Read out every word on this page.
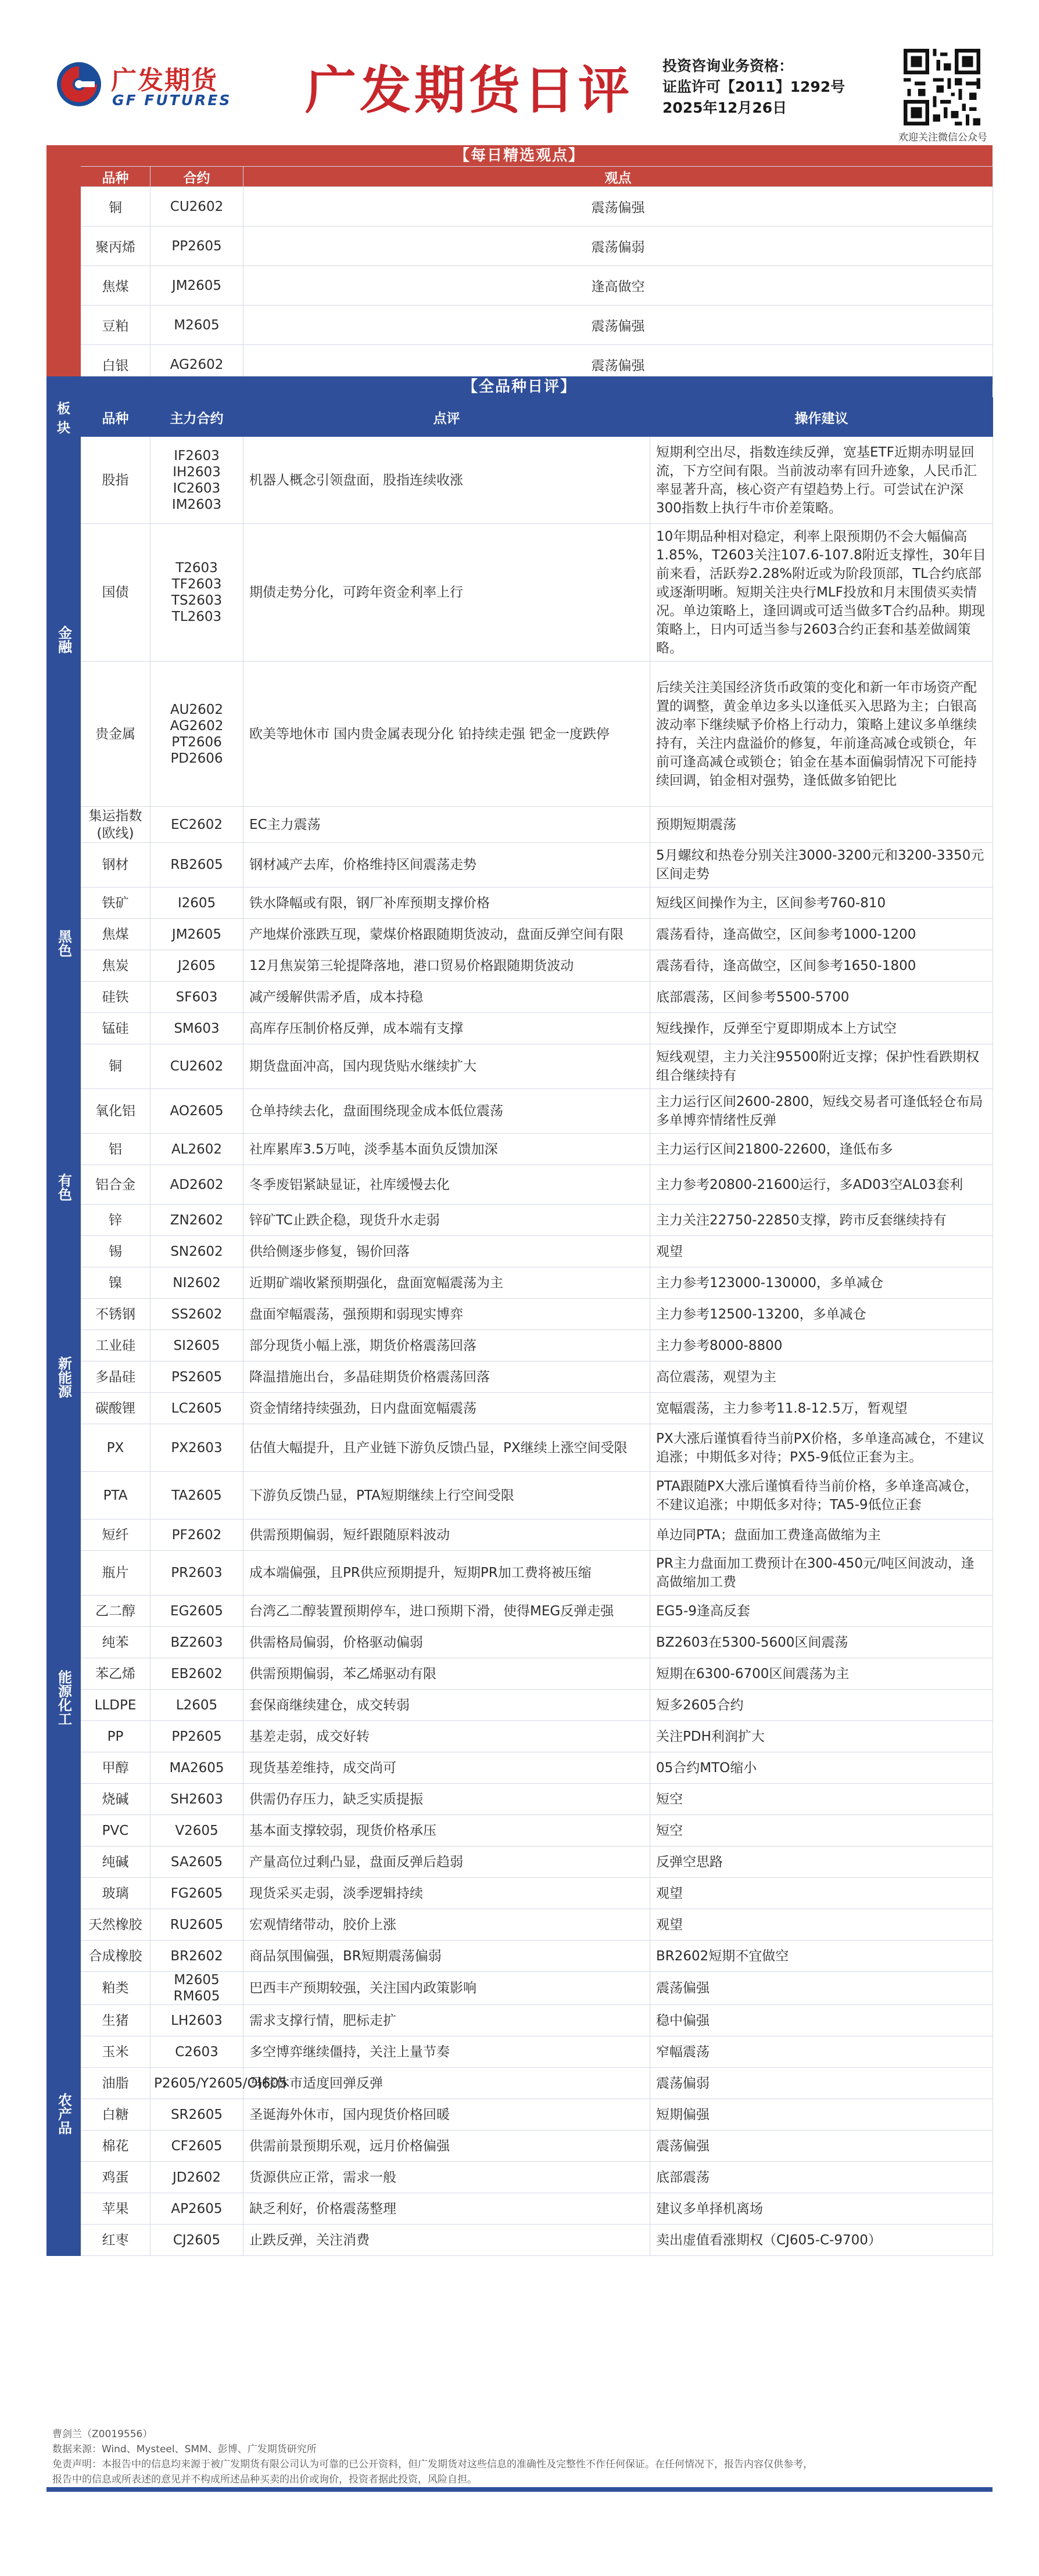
广发期货
GF FUTURES 广发期货日评 投资咨询业务资格：
证监许可【2011】1292号
2025年12月26日
欢迎关注微信公众号
【每日精选观点】
	品种	合约	观点
	铜	CU2602	震荡偏强
	聚丙烯	PP2605	震荡偏弱
	焦煤	JM2605	逢高做空
	豆粕	M2605	震荡偏强
	白银	AG2602	震荡偏强
【全品种日评】
板块	品种	主力合约	点评	操作建议
金融	股指	IF2603
IH2603
IC2603
IM2603	机器人概念引领盘面，股指连续收涨	短期利空出尽，指数连续反弹，宽基ETF近期赤明显回流，下方空间有限。当前波动率有回升迹象，人民币汇率显著升高，核心资产有望趋势上行。可尝试在沪深300指数上执行牛市价差策略。
	国债	T2603
TF2603
TS2603
TL2603	期债走势分化，可跨年资金利率上行	10年期品种相对稳定，利率上限预期仍不会大幅偏高1.85%，T2603关注107.6-107.8附近支撑性，30年目前来看，活跃券2.28%附近或为阶段顶部，TL合约底部或逐渐明晰。短期关注央行MLF投放和月末围债买卖情况。单边策略上，逢回调或可适当做多T合约品种。期现策略上，日内可适当参与2603合约正套和基差做阔策略。
	贵金属	AU2602
AG2602
PT2606
PD2606	欧美等地休市 国内贵金属表现分化 铂持续走强 钯金一度跌停	后续关注美国经济货币政策的变化和新一年市场资产配置的调整，黄金单边多头以逢低买入思路为主；白银高波动率下继续赋予价格上行动力，策略上建议多单继续持有，关注内盘溢价的修复，年前逢高减仓或锁仓，年前可逢高减仓或锁仓；铂金在基本面偏弱情况下可能持续回调，铂金相对强势，逢低做多铂钯比
	集运指数
(欧线)	EC2602	EC主力震荡	预期短期震荡
黑色	钢材	RB2605	钢材减产去库，价格维持区间震荡走势	5月螺纹和热卷分别关注3000-3200元和3200-3350元区间走势
	铁矿	I2605	铁水降幅或有限，钢厂补库预期支撑价格	短线区间操作为主，区间参考760-810
	焦煤	JM2605	产地煤价涨跌互现，蒙煤价格跟随期货波动，盘面反弹空间有限	震荡看待，逢高做空，区间参考1000-1200
	焦炭	J2605	12月焦炭第三轮提降落地，港口贸易价格跟随期货波动	震荡看待，逢高做空，区间参考1650-1800
	硅铁	SF603	减产缓解供需矛盾，成本持稳	底部震荡，区间参考5500-5700
	锰硅	SM603	高库存压制价格反弹，成本端有支撑	短线操作，反弹至宁夏即期成本上方试空
有色	铜	CU2602	期货盘面冲高，国内现货贴水继续扩大	短线观望，主力关注95500附近支撑；保护性看跌期权组合继续持有
	氧化铝	AO2605	仓单持续去化，盘面围绕现金成本低位震荡	主力运行区间2600-2800，短线交易者可逢低轻仓布局多单博弈情绪性反弹
	铝	AL2602	社库累库3.5万吨，淡季基本面负反馈加深	主力运行区间21800-22600，逢低布多
	铝合金	AD2602	冬季废铝紧缺显证，社库缓慢去化	主力参考20800-21600运行，多AD03空AL03套利
	锌	ZN2602	锌矿TC止跌企稳，现货升水走弱	主力关注22750-22850支撑，跨市反套继续持有
	锡	SN2602	供给侧逐步修复，锡价回落	观望
	镍	NI2602	近期矿端收紧预期强化，盘面宽幅震荡为主	主力参考123000-130000，多单减仓
	不锈钢	SS2602	盘面窄幅震荡，强预期和弱现实博弈	主力参考12500-13200，多单减仓
新能源	工业硅	SI2605	部分现货小幅上涨，期货价格震荡回落	主力参考8000-8800
	多晶硅	PS2605	降温措施出台，多晶硅期货价格震荡回落	高位震荡，观望为主
	碳酸锂	LC2605	资金情绪持续强劲，日内盘面宽幅震荡	宽幅震荡，主力参考11.8-12.5万，暂观望
能源化工	PX	PX2603	估值大幅提升，且产业链下游负反馈凸显，PX继续上涨空间受限	PX大涨后谨慎看待当前PX价格，多单逢高减仓，不建议追涨；中期低多对待；PX5-9低位正套为主。
	PTA	TA2605	下游负反馈凸显，PTA短期继续上行空间受限	PTA跟随PX大涨后谨慎看待当前价格，多单逢高减仓，不建议追涨；中期低多对待；TA5-9低位正套
	短纤	PF2602	供需预期偏弱，短纤跟随原料波动	单边同PTA；盘面加工费逢高做缩为主
	瓶片	PR2603	成本端偏强，且PR供应预期提升，短期PR加工费将被压缩	PR主力盘面加工费预计在300-450元/吨区间波动，逢高做缩加工费
	乙二醇	EG2605	台湾乙二醇装置预期停车，进口预期下滑，使得MEG反弹走强	EG5-9逢高反套
	纯苯	BZ2603	供需格局偏弱，价格驱动偏弱	BZ2603在5300-5600区间震荡
	苯乙烯	EB2602	供需预期偏弱，苯乙烯驱动有限	短期在6300-6700区间震荡为主
	LLDPE	L2605	套保商继续建仓，成交转弱	短多2605合约
	PP	PP2605	基差走弱，成交好转	关注PDH利润扩大
	甲醇	MA2605	现货基差维持，成交尚可	05合约MTO缩小
	烧碱	SH2603	供需仍存压力，缺乏实质提振	短空
	PVC	V2605	基本面支撑较弱，现货价格承压	短空
	纯碱	SA2605	产量高位过剩凸显，盘面反弹后趋弱	反弹空思路
	玻璃	FG2605	现货采买走弱，淡季逻辑持续	观望
	天然橡胶	RU2605	宏观情绪带动，胶价上涨	观望
	合成橡胶	BR2602	商品氛围偏强，BR短期震荡偏弱	BR2602短期不宜做空
农产品	粕类	M2605
RM605	巴西丰产预期较强，关注国内政策影响	震荡偏强
	生猪	LH2603	需求支撑行情，肥标走扩	稳中偏强
	玉米	C2603	多空博弈继续僵持，关注上量节奏	窄幅震荡
	油脂	P2605/Y2605/OI605	马棕休市适度回弹反弹	震荡偏弱
	白糖	SR2605	圣诞海外休市，国内现货价格回暖	短期偏强
	棉花	CF2605	供需前景预期乐观，远月价格偏强	震荡偏强
	鸡蛋	JD2602	货源供应正常，需求一般	底部震荡
	苹果	AP2605	缺乏利好，价格震荡整理	建议多单择机离场
	红枣	CJ2605	止跌反弹，关注消费	卖出虚值看涨期权（CJ605-C-9700）
曹剑兰（Z0019556）
数据来源：Wind、Mysteel、SMM、彭博、广发期货研究所
免责声明：本报告中的信息均来源于被广发期货有限公司认为可靠的已公开资料，但广发期货对这些信息的准确性及完整性不作任何保证。在任何情况下，报告内容仅供参考，
报告中的信息或所表述的意见并不构成所述品种买卖的出价或询价，投资者据此投资，风险自担。
